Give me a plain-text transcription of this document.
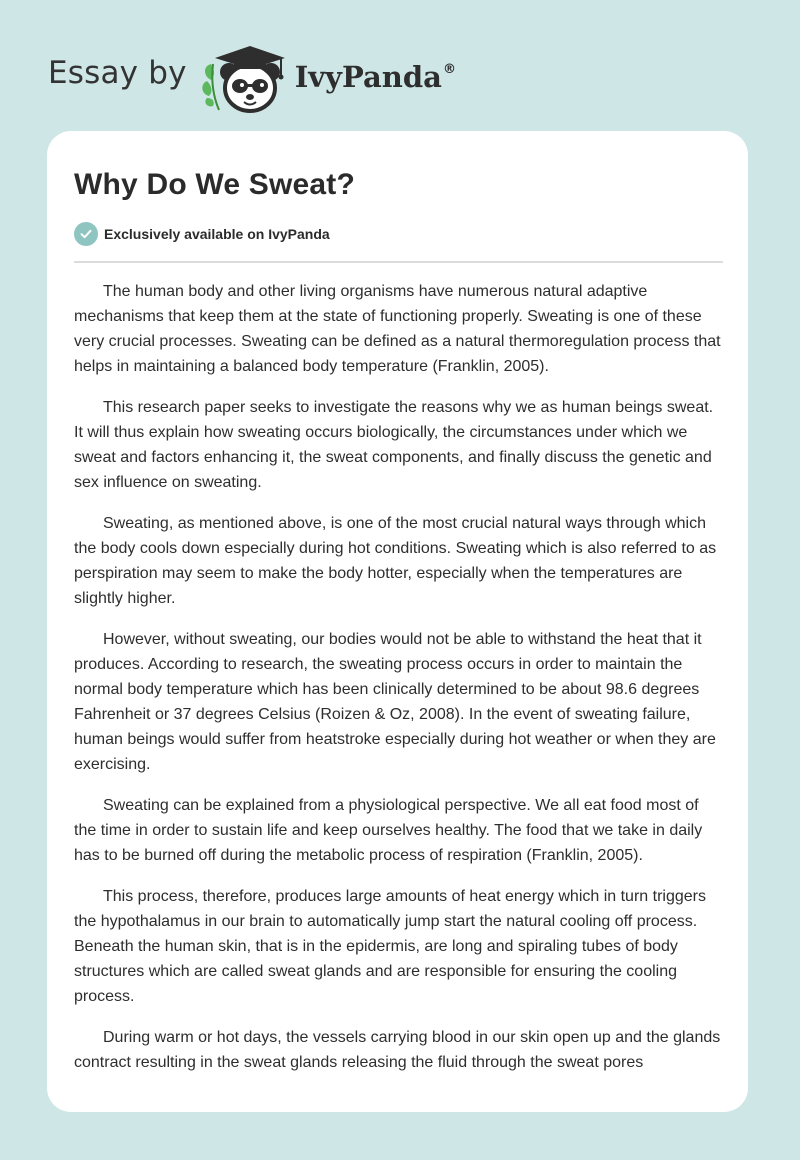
Essay by	IvyPanda®
Why Do We Sweat?
Exclusively available on IvyPanda

The human body and other living organisms have numerous natural adaptive mechanisms that keep them at the state of functioning properly. Sweating is one of these very crucial processes. Sweating can be defined as a natural thermoregulation process that helps in maintaining a balanced body temperature (Franklin, 2005).

This research paper seeks to investigate the reasons why we as human beings sweat. It will thus explain how sweating occurs biologically, the circumstances under which we sweat and factors enhancing it, the sweat components, and finally discuss the genetic and sex influence on sweating.

Sweating, as mentioned above, is one of the most crucial natural ways through which the body cools down especially during hot conditions. Sweating which is also referred to as perspiration may seem to make the body hotter, especially when the temperatures are slightly higher.

However, without sweating, our bodies would not be able to withstand the heat that it produces. According to research, the sweating process occurs in order to maintain the normal body temperature which has been clinically determined to be about 98.6 degrees Fahrenheit or 37 degrees Celsius (Roizen & Oz, 2008). In the event of sweating failure, human beings would suffer from heatstroke especially during hot weather or when they are exercising.

Sweating can be explained from a physiological perspective. We all eat food most of the time in order to sustain life and keep ourselves healthy. The food that we take in daily has to be burned off during the metabolic process of respiration (Franklin, 2005).

This process, therefore, produces large amounts of heat energy which in turn triggers the hypothalamus in our brain to automatically jump start the natural cooling off process. Beneath the human skin, that is in the epidermis, are long and spiraling tubes of body structures which are called sweat glands and are responsible for ensuring the cooling process.

During warm or hot days, the vessels carrying blood in our skin open up and the glands contract resulting in the sweat glands releasing the fluid through the sweat pores
